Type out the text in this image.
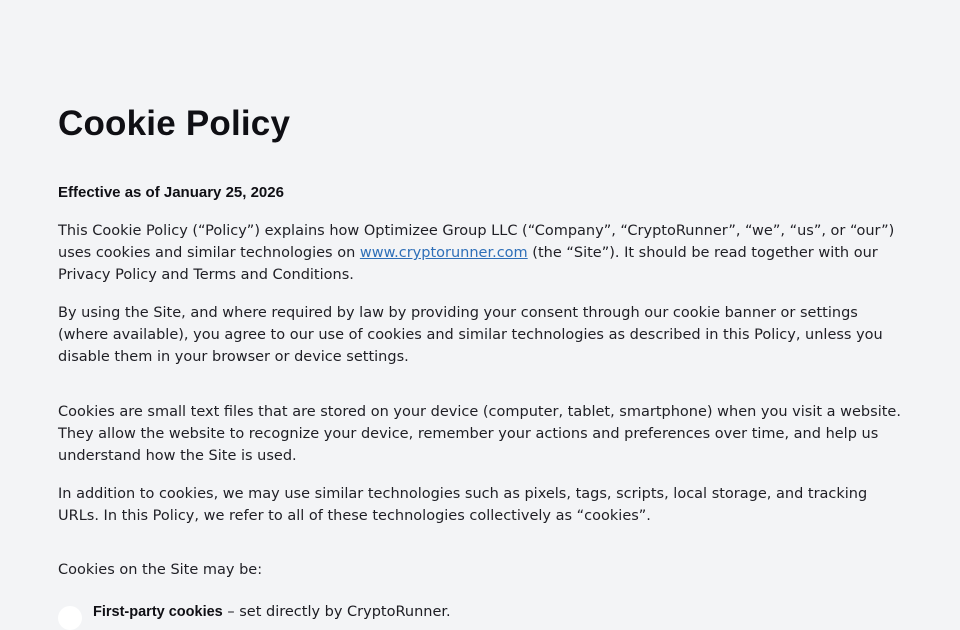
Cookie Policy
Effective as of January 25, 2026

This Cookie Policy (“Policy”) explains how Optimizee Group LLC (“Company”, “CryptoRunner”, “we”, “us”, or “our”) uses cookies and similar technologies on www.cryptorunner.com (the “Site”). It should be read together with our Privacy Policy and Terms and Conditions.

By using the Site, and where required by law by providing your consent through our cookie banner or settings (where available), you agree to our use of cookies and similar technologies as described in this Policy, unless you disable them in your browser or device settings.

Cookies are small text files that are stored on your device (computer, tablet, smartphone) when you visit a website. They allow the website to recognize your device, remember your actions and preferences over time, and help us understand how the Site is used.

In addition to cookies, we may use similar technologies such as pixels, tags, scripts, local storage, and tracking URLs. In this Policy, we refer to all of these technologies collectively as “cookies”.

Cookies on the Site may be:

First-party cookies – set directly by CryptoRunner.
